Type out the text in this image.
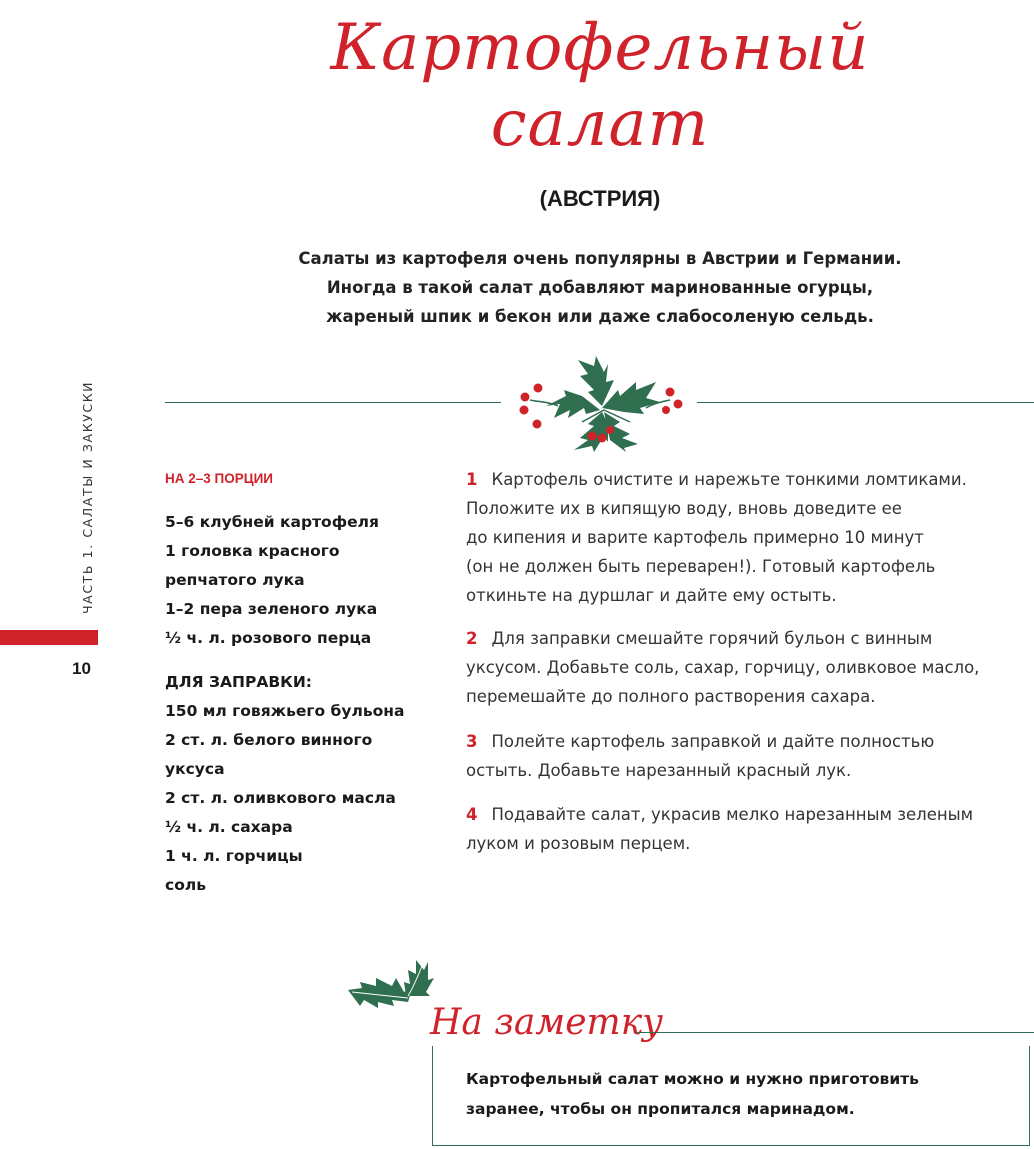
Картофельный
салат
(АВСТРИЯ)
Салаты из картофеля очень популярны в Австрии и Германии.
Иногда в такой салат добавляют маринованные огурцы,
жареный шпик и бекон или даже слабосоленую сельдь.
ЧАСТЬ 1. САЛАТЫ И ЗАКУСКИ
10
НА 2–3 ПОРЦИИ
5–6 клубней картофеля
1 головка красного
репчатого лука
1–2 пера зеленого лука
½ ч. л. розового перца
ДЛЯ ЗАПРАВКИ:
150 мл говяжьего бульона
2 ст. л. белого винного
уксуса
2 ст. л. оливкового масла
½ ч. л. сахара
1 ч. л. горчицы
соль
1 Картофель очистите и нарежьте тонкими ломтиками.
Положите их в кипящую воду, вновь доведите ее
до кипения и варите картофель примерно 10 минут
(он не должен быть переварен!). Готовый картофель
откиньте на дуршлаг и дайте ему остыть.
2 Для заправки смешайте горячий бульон с винным
уксусом. Добавьте соль, сахар, горчицу, оливковое масло,
перемешайте до полного растворения сахара.
3 Полейте картофель заправкой и дайте полностью
остыть. Добавьте нарезанный красный лук.
4 Подавайте салат, украсив мелко нарезанным зеленым
луком и розовым перцем.
На заметку
Картофельный салат можно и нужно приготовить
заранее, чтобы он пропитался маринадом.
